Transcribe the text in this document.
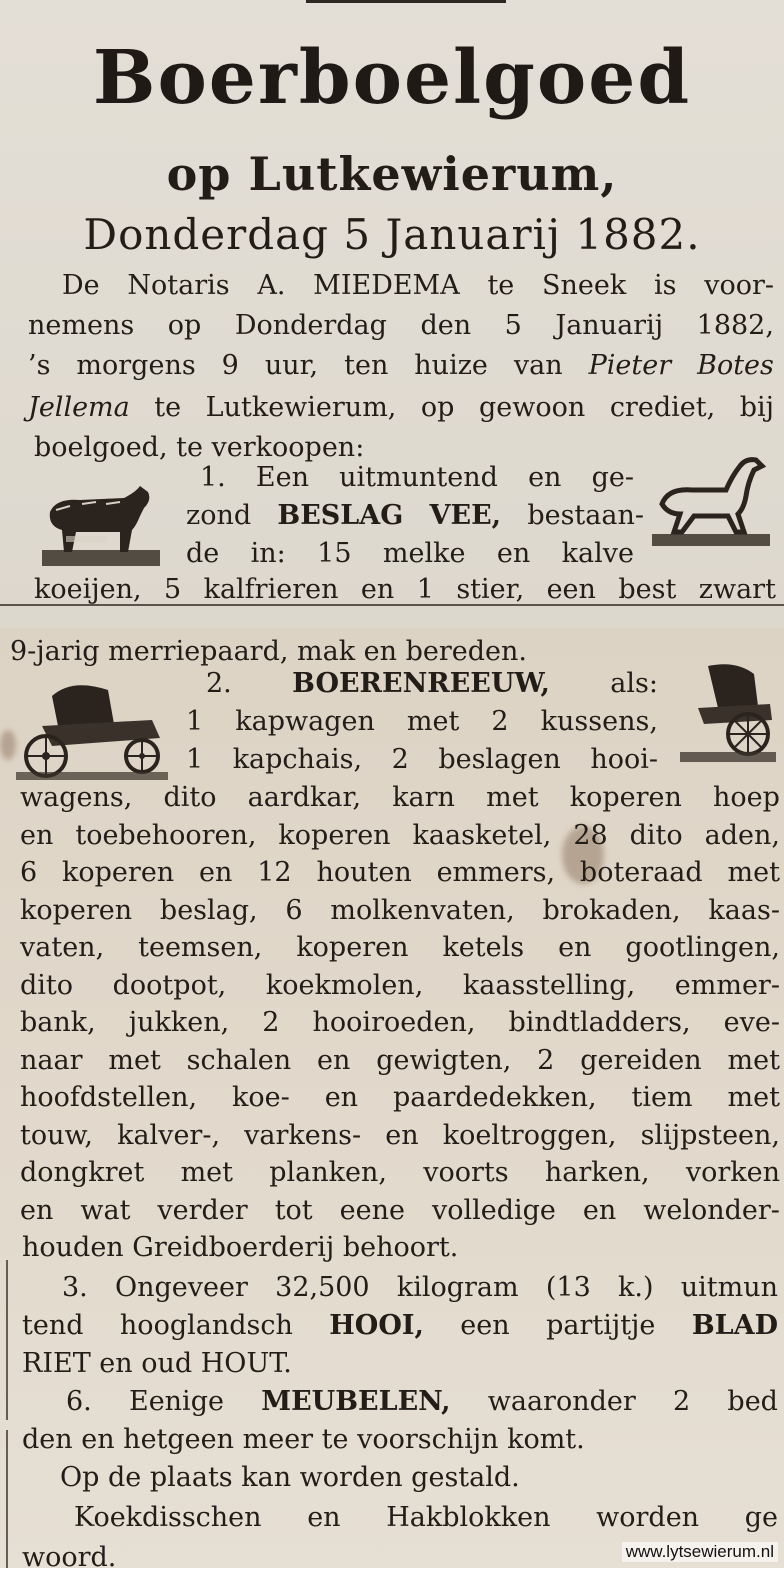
Boerboelgoed
op Lutkewierum,
Donderdag 5 Januarij 1882.
De Notaris A. MIEDEMA te Sneek is voor-
nemens op Donderdag den 5 Januarij 1882,
’s morgens 9 uur, ten huize van Pieter Botes
Jellema te Lutkewierum, op gewoon crediet, bij
boelgoed, te verkoopen:
1. Een uitmuntend en ge-
zond BESLAG VEE, bestaan-
de in: 15 melke en kalve
koeijen, 5 kalfrieren en 1 stier, een best zwart
9-jarig merriepaard, mak en bereden.
2. BOERENREEUW, als:
1 kapwagen met 2 kussens,
1 kapchais, 2 beslagen hooi-
wagens, dito aardkar, karn met koperen hoep
en toebehooren, koperen kaasketel, 28 dito aden,
6 koperen en 12 houten emmers, boteraad met
koperen beslag, 6 molkenvaten, brokaden, kaas-
vaten, teemsen, koperen ketels en gootlingen,
dito dootpot, koekmolen, kaasstelling, emmer-
bank, jukken, 2 hooiroeden, bindtladders, eve-
naar met schalen en gewigten, 2 gereiden met
hoofdstellen, koe- en paardedekken, tiem met
touw, kalver-, varkens- en koeltroggen, slijpsteen,
dongkret met planken, voorts harken, vorken
en wat verder tot eene volledige en welonder-
houden Greidboerderij behoort.
3. Ongeveer 32,500 kilogram (13 k.) uitmun
tend hooglandsch HOOI, een partijtje BLAD
RIET en oud HOUT.
6. Eenige MEUBELEN, waaronder 2 bed
den en hetgeen meer te voorschijn komt.
Op de plaats kan worden gestald.
Koekdisschen en Hakblokken worden ge
woord.	www.lytsewierum.nl
